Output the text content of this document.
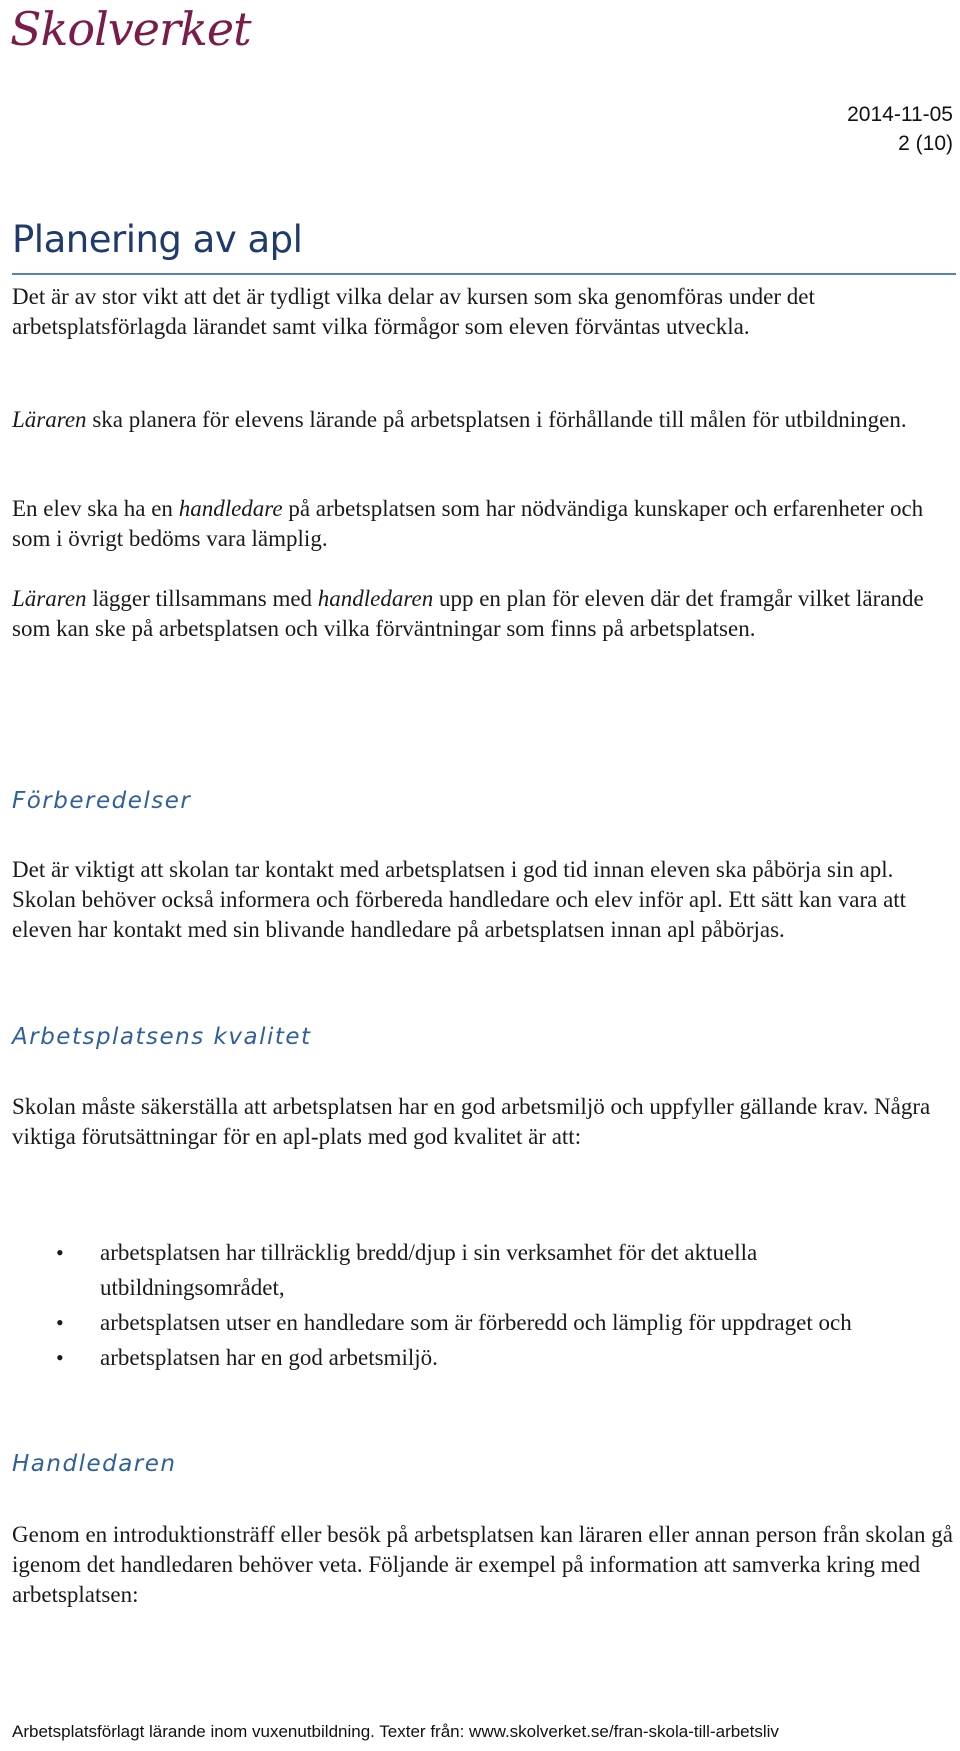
Skolverket
2014-11-05
2 (10)
Planering av apl

Det är av stor vikt att det är tydligt vilka delar av kursen som ska genomföras under det arbetsplatsförlagda lärandet samt vilka förmågor som eleven förväntas utveckla.

Läraren ska planera för elevens lärande på arbetsplatsen i förhållande till målen för utbildningen.

En elev ska ha en handledare på arbetsplatsen som har nödvändiga kunskaper och erfarenheter och som i övrigt bedöms vara lämplig.

Läraren lägger tillsammans med handledaren upp en plan för eleven där det framgår vilket lärande som kan ske på arbetsplatsen och vilka förväntningar som finns på arbetsplatsen.

Förberedelser

Det är viktigt att skolan tar kontakt med arbetsplatsen i god tid innan eleven ska påbörja sin apl. Skolan behöver också informera och förbereda handledare och elev inför apl. Ett sätt kan vara att eleven har kontakt med sin blivande handledare på arbetsplatsen innan apl påbörjas.

Arbetsplatsens kvalitet

Skolan måste säkerställa att arbetsplatsen har en god arbetsmiljö och uppfyller gällande krav. Några viktiga förutsättningar för en apl-plats med god kvalitet är att:

• arbetsplatsen har tillräcklig bredd/djup i sin verksamhet för det aktuella utbildningsområdet,
• arbetsplatsen utser en handledare som är förberedd och lämplig för uppdraget och
• arbetsplatsen har en god arbetsmiljö.
Handledaren

Genom en introduktionsträff eller besök på arbetsplatsen kan läraren eller annan person från skolan gå igenom det handledaren behöver veta. Följande är exempel på information att samverka kring med arbetsplatsen:

Arbetsplatsförlagt lärande inom vuxenutbildning. Texter från: www.skolverket.se/fran-skola-till-arbetsliv
